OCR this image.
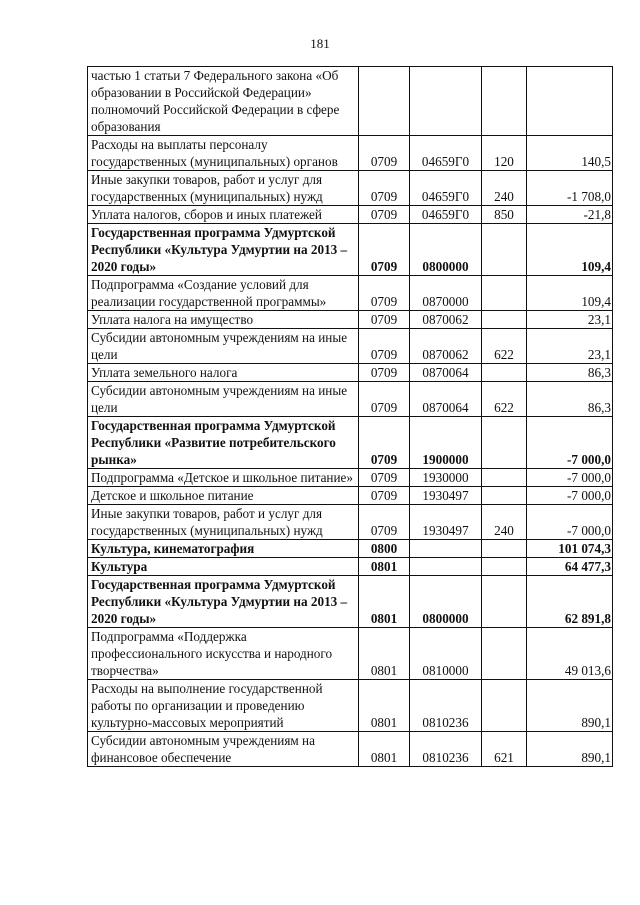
181
частью 1 статьи 7 Федерального закона «Об образовании в Российской Федерации» полномочий Российской Федерации в сфере образования				
Расходы на выплаты персоналу государственных (муниципальных) органов	0709	04659Г0	120	140,5
Иные закупки товаров, работ и услуг для государственных (муниципальных) нужд	0709	04659Г0	240	-1 708,0
Уплата налогов, сборов и иных платежей	0709	04659Г0	850	-21,8
Государственная программа Удмуртской Республики «Культура Удмуртии на 2013 – 2020 годы»	0709	0800000		109,4
Подпрограмма «Создание условий для реализации государственной программы»	0709	0870000		109,4
Уплата налога на имущество	0709	0870062		23,1
Субсидии автономным учреждениям на иные цели	0709	0870062	622	23,1
Уплата земельного налога	0709	0870064		86,3
Субсидии автономным учреждениям на иные цели	0709	0870064	622	86,3
Государственная программа Удмуртской Республики «Развитие потребительского рынка»	0709	1900000		-7 000,0
Подпрограмма «Детское и школьное питание»	0709	1930000		-7 000,0
Детское и школьное питание	0709	1930497		-7 000,0
Иные закупки товаров, работ и услуг для государственных (муниципальных) нужд	0709	1930497	240	-7 000,0
Культура, кинематография	0800			101 074,3
Культура	0801			64 477,3
Государственная программа Удмуртской Республики «Культура Удмуртии на 2013 – 2020 годы»	0801	0800000		62 891,8
Подпрограмма «Поддержка профессионального искусства и народного творчества»	0801	0810000		49 013,6
Расходы на выполнение государственной работы по организации и проведению культурно-массовых мероприятий	0801	0810236		890,1
Субсидии автономным учреждениям на финансовое обеспечение	0801	0810236	621	890,1
